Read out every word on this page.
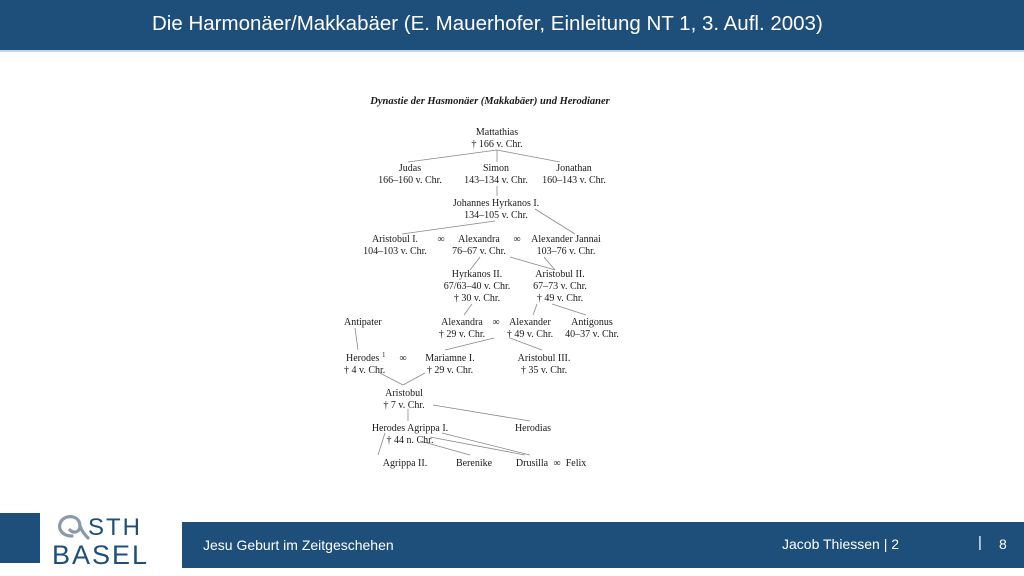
Die Harmonäer/Makkabäer (E. Mauerhofer, Einleitung NT 1, 3. Aufl. 2003)
Dynastie der Hasmonäer (Makkabäer) und Herodianer
Mattathias
† 166 v. Chr.
Judas
166–160 v. Chr.
Simon
143–134 v. Chr.
Jonathan
160–143 v. Chr.
Johannes Hyrkanos I.
134–105 v. Chr.
Aristobul I.
104–103 v. Chr.
∞ Alexandra
76–67 v. Chr.
∞ Alexander Jannai
103–76 v. Chr.
Hyrkanos II.
67/63–40 v. Chr.
† 30 v. Chr.
Aristobul II.
67–73 v. Chr.
† 49 v. Chr.
Antipater	Alexandra
† 29 v. Chr.
∞ Alexander
† 49 v. Chr.
Antigonus
40–37 v. Chr.
Herodes 1 ∞
† 4 v. Chr.
Mariamne I.
† 29 v. Chr.
Aristobul III.
† 35 v. Chr.
Aristobul
† 7 v. Chr.
Herodes Agrippa I.
† 44 n. Chr.
Herodias
Agrippa II.	Berenike Drusilla ∞ Felix
STH
BASEL	Jesu Geburt im Zeitgeschehen	Jacob Thiessen | 2	| 8
